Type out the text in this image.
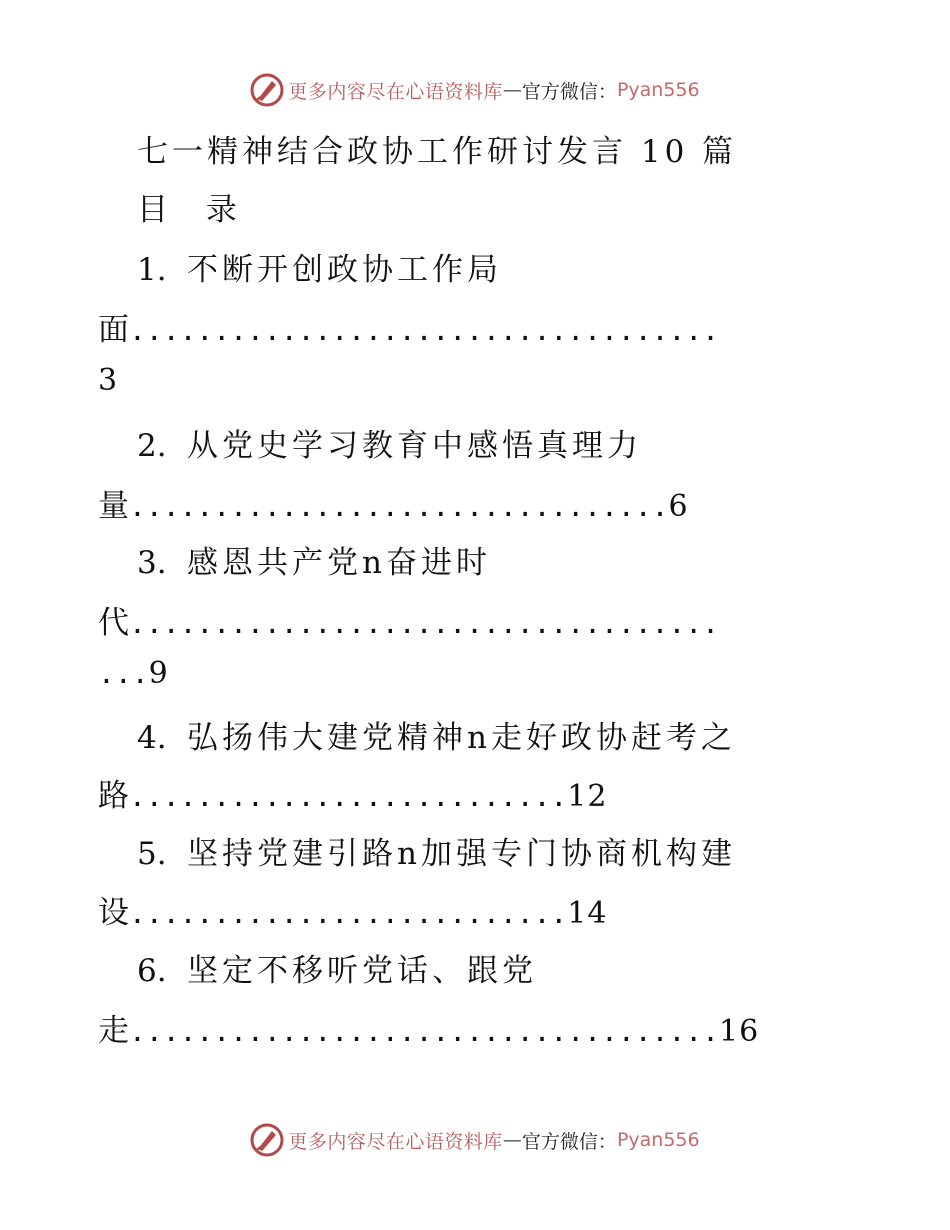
更多内容尽在心语资料库 — 官方微信： Pyan556
七一精神结合政协工作研讨发言 10 篇
目 录
1. 不断开创政协工作局
面...................................
3
2. 从党史学习教育中感悟真理力
量................................6
3. 感恩共产党n奋进时
代...................................
...9
4. 弘扬伟大建党精神n走好政协赶考之
路..........................12
5. 坚持党建引路n加强专门协商机构建
设..........................14
6. 坚定不移听党话、跟党
走...................................16
更多内容尽在心语资料库 — 官方微信： Pyan556
